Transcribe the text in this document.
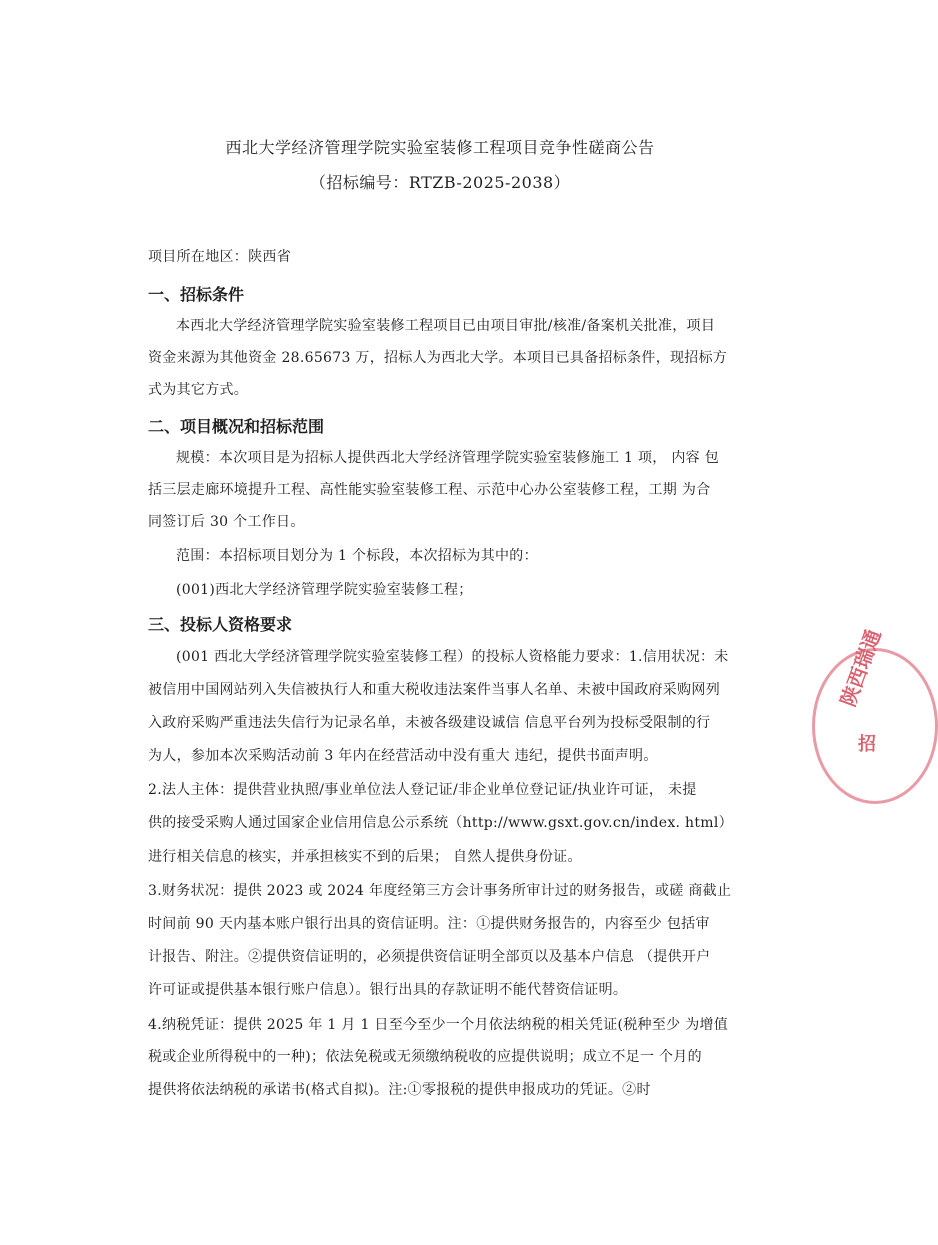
西北大学经济管理学院实验室装修工程项目竞争性磋商公告
（招标编号：RTZB-2025-2038）
项目所在地区：陕西省
一、招标条件
本西北大学经济管理学院实验室装修工程项目已由项目审批/核准/备案机关批准，项目
资金来源为其他资金 28.65673 万，招标人为西北大学。本项目已具备招标条件，现招标方
式为其它方式。
二、项目概况和招标范围
规模：本次项目是为招标人提供西北大学经济管理学院实验室装修施工 1 项， 内容 包
括三层走廊环境提升工程、高性能实验室装修工程、示范中心办公室装修工程，工期 为合
同签订后 30 个工作日。
范围：本招标项目划分为 1 个标段，本次招标为其中的：
(001)西北大学经济管理学院实验室装修工程；
三、投标人资格要求
(001 西北大学经济管理学院实验室装修工程）的投标人资格能力要求：1.信用状况：未
被信用中国网站列入失信被执行人和重大税收违法案件当事人名单、未被中国政府采购网列
入政府采购严重违法失信行为记录名单，未被各级建设诚信 信息平台列为投标受限制的行
为人，参加本次采购活动前 3 年内在经营活动中没有重大 违纪，提供书面声明。
2.法人主体：提供营业执照/事业单位法人登记证/非企业单位登记证/执业许可证， 未提
供的接受采购人通过国家企业信用信息公示系统（http://www.gsxt.gov.cn/index. html）
进行相关信息的核实，并承担核实不到的后果； 自然人提供身份证。
3.财务状况：提供 2023 或 2024 年度经第三方会计事务所审计过的财务报告，或磋 商截止
时间前 90 天内基本账户银行出具的资信证明。注：①提供财务报告的，内容至少 包括审
计报告、附注。②提供资信证明的，必须提供资信证明全部页以及基本户信息 （提供开户
许可证或提供基本银行账户信息）。银行出具的存款证明不能代替资信证明。
4.纳税凭证：提供 2025 年 1 月 1 日至今至少一个月依法纳税的相关凭证(税种至少 为增值
税或企业所得税中的一种)；依法免税或无须缴纳税收的应提供说明；成立不足一 个月的
提供将依法纳税的承诺书(格式自拟)。注:①零报税的提供申报成功的凭证。②时
陕西瑞通
招
